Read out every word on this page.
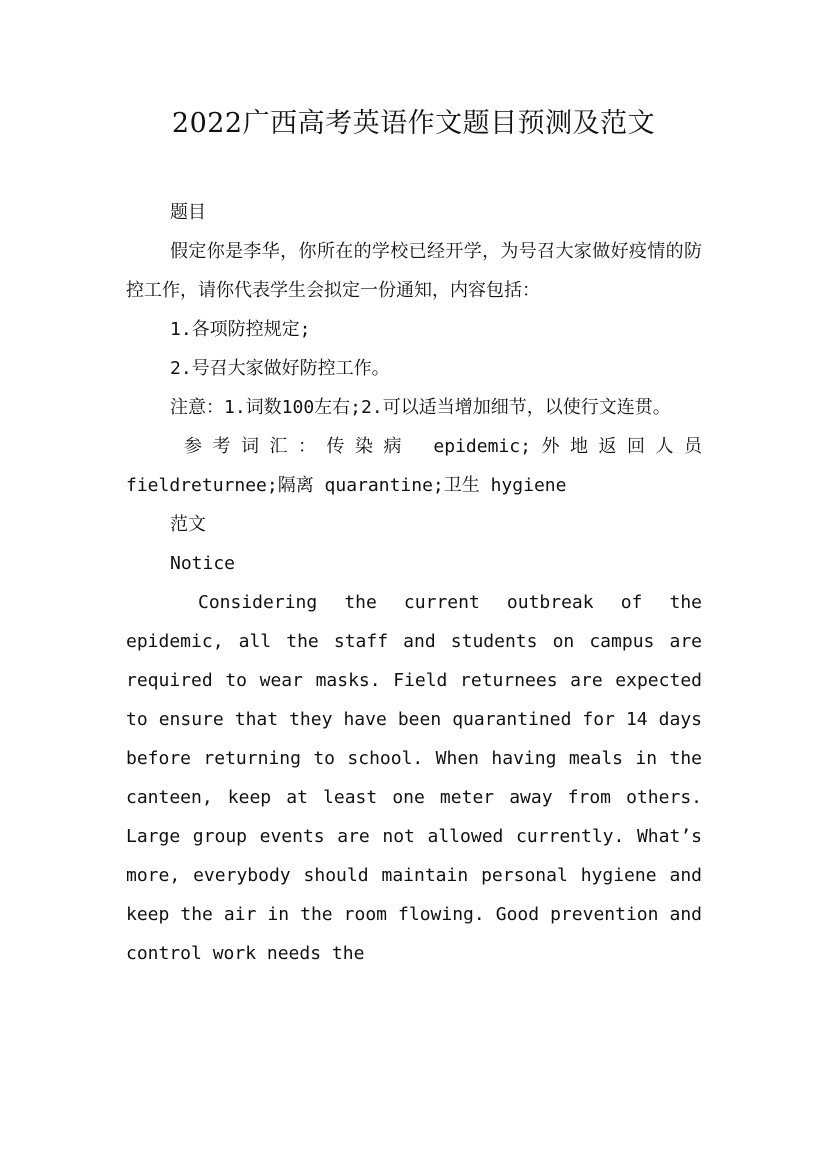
2022广西高考英语作文题目预测及范文

题目

假定你是李华，你所在的学校已经开学，为号召大家做好疫情的防控工作，请你代表学生会拟定一份通知，内容包括：

1.各项防控规定;

2.号召大家做好防控工作。

注意：1.词数100左右;2.可以适当增加细节，以使行文连贯。

参考词汇：传染病 epidemic;外地返回人员

fieldreturnee;隔离 quarantine;卫生 hygiene

范文

Notice

Considering the current outbreak of the epidemic, all the staff and students on campus are required to wear masks. Field returnees are expected to ensure that they have been quarantined for 14 days before returning to school. When having meals in the canteen, keep at least one meter away from others. Large group events are not allowed currently. What’s more, everybody should maintain personal hygiene and keep the air in the room flowing. Good prevention and control work needs the
